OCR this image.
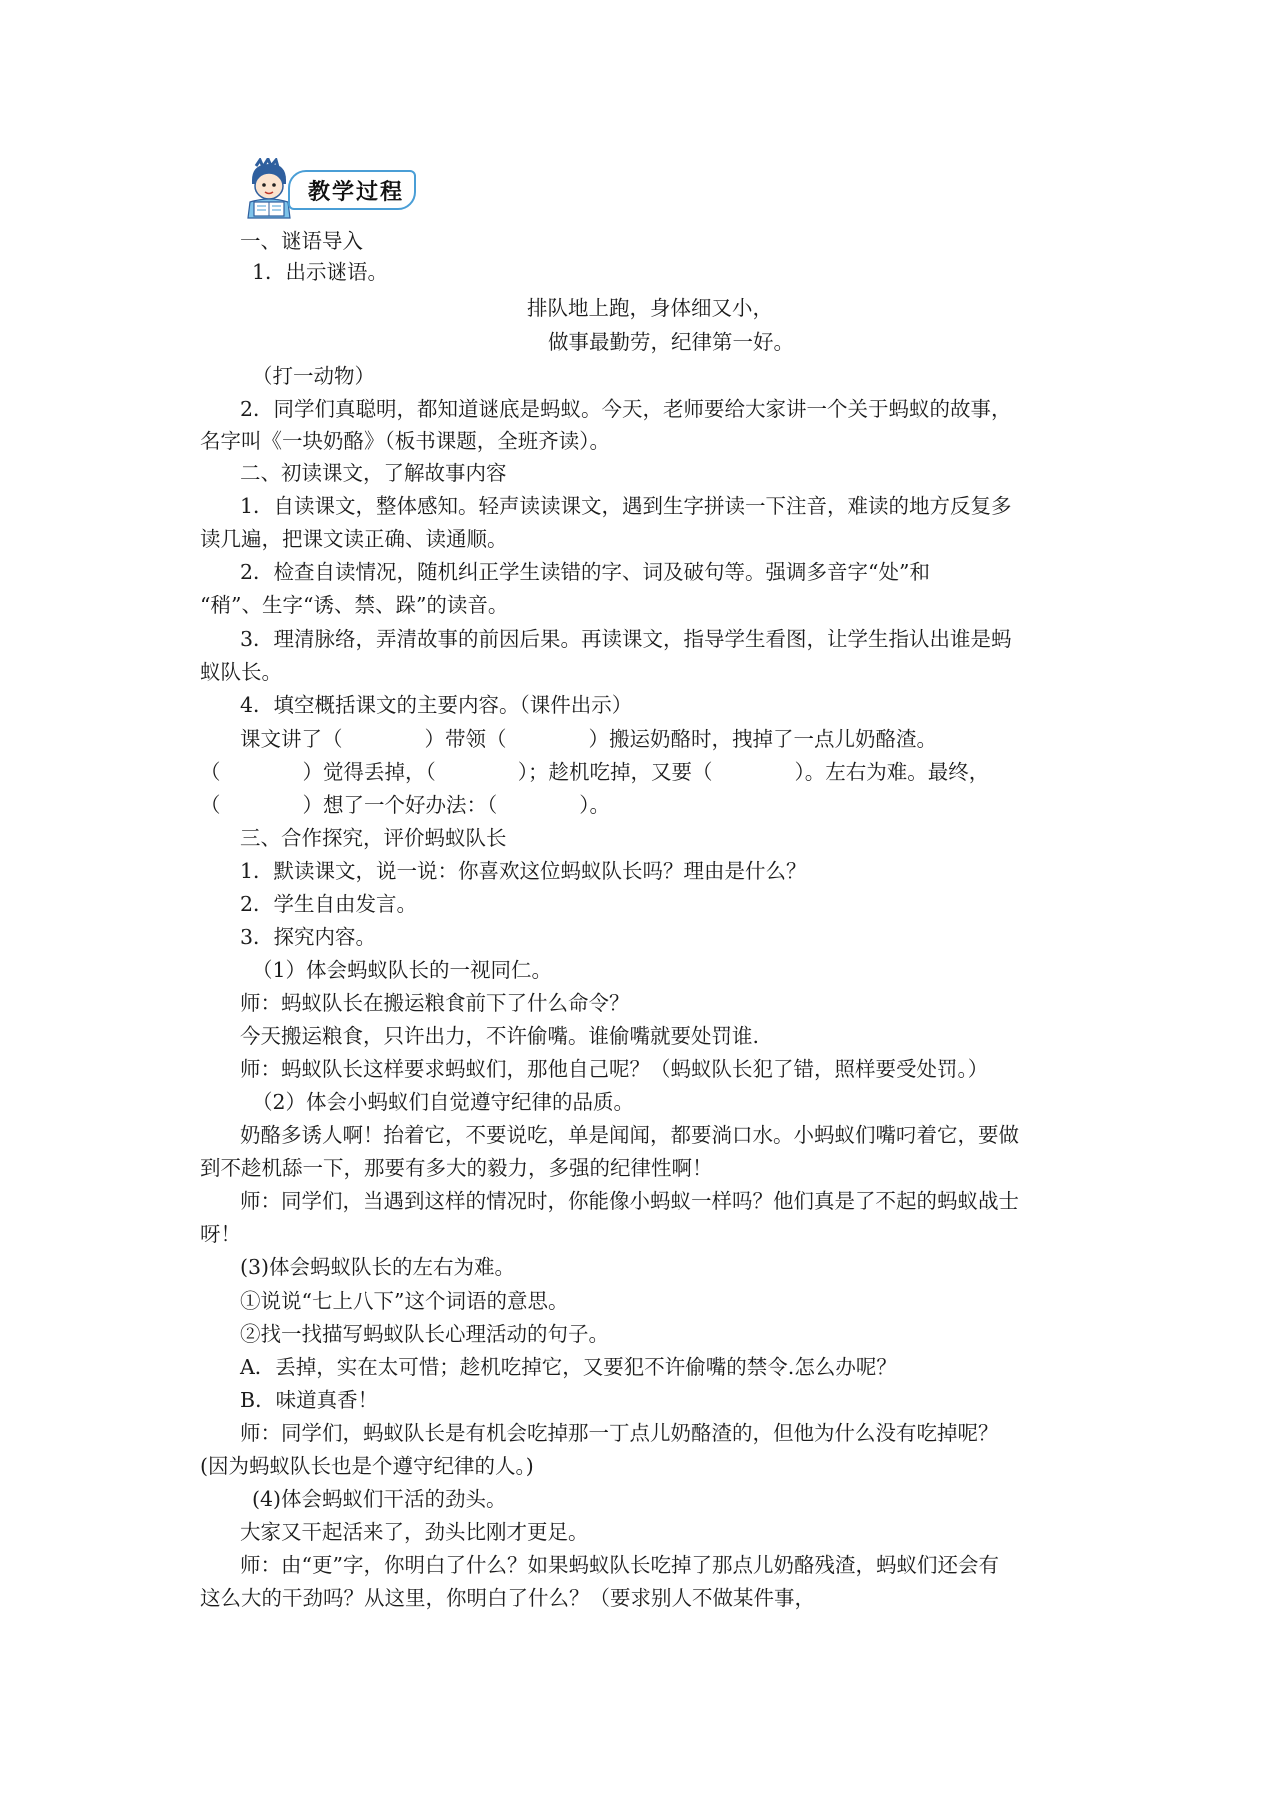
教学过程
一、谜语导入
1．出示谜语。
排队地上跑，身体细又小，
做事最勤劳，纪律第一好。
（打一动物）
2．同学们真聪明，都知道谜底是蚂蚁。今天，老师要给大家讲一个关于蚂蚁的故事，
名字叫《一块奶酪》（板书课题，全班齐读）。
二、初读课文，了解故事内容
1．自读课文，整体感知。轻声读读课文，遇到生字拼读一下注音，难读的地方反复多
读几遍，把课文读正确、读通顺。
2．检查自读情况，随机纠正学生读错的字、词及破句等。强调多音字“处”和
“稍”、生字“诱、禁、跺”的读音。
3．理清脉络，弄清故事的前因后果。再读课文，指导学生看图，让学生指认出谁是蚂
蚁队长。
4．填空概括课文的主要内容。（课件出示）
课文讲了（　　　　）带领（　　　　）搬运奶酪时，拽掉了一点儿奶酪渣。
（　　　　）觉得丢掉，（　　　　）；趁机吃掉，又要（　　　　）。左右为难。最终，
（　　　　）想了一个好办法：（　　　　）。
三、合作探究，评价蚂蚁队长
1．默读课文，说一说：你喜欢这位蚂蚁队长吗？理由是什么？
2．学生自由发言。
3．探究内容。
（1）体会蚂蚁队长的一视同仁。
师：蚂蚁队长在搬运粮食前下了什么命令？
今天搬运粮食，只许出力，不许偷嘴。谁偷嘴就要处罚谁.
师：蚂蚁队长这样要求蚂蚁们，那他自己呢？（蚂蚁队长犯了错，照样要受处罚。）
（2）体会小蚂蚁们自觉遵守纪律的品质。
奶酪多诱人啊！抬着它，不要说吃，单是闻闻，都要淌口水。小蚂蚁们嘴叼着它，要做
到不趁机舔一下，那要有多大的毅力，多强的纪律性啊！
师：同学们，当遇到这样的情况时，你能像小蚂蚁一样吗？他们真是了不起的蚂蚁战士
呀！
(3)体会蚂蚁队长的左右为难。
①说说“七上八下”这个词语的意思。
②找一找描写蚂蚁队长心理活动的句子。
A．丢掉，实在太可惜；趁机吃掉它，又要犯不许偷嘴的禁令.怎么办呢？
B．味道真香！
师：同学们，蚂蚁队长是有机会吃掉那一丁点儿奶酪渣的，但他为什么没有吃掉呢？
(因为蚂蚁队长也是个遵守纪律的人。)
(4)体会蚂蚁们干活的劲头。
大家又干起活来了，劲头比刚才更足。
师：由“更”字，你明白了什么？如果蚂蚁队长吃掉了那点儿奶酪残渣，蚂蚁们还会有
这么大的干劲吗？从这里，你明白了什么？（要求别人不做某件事，
